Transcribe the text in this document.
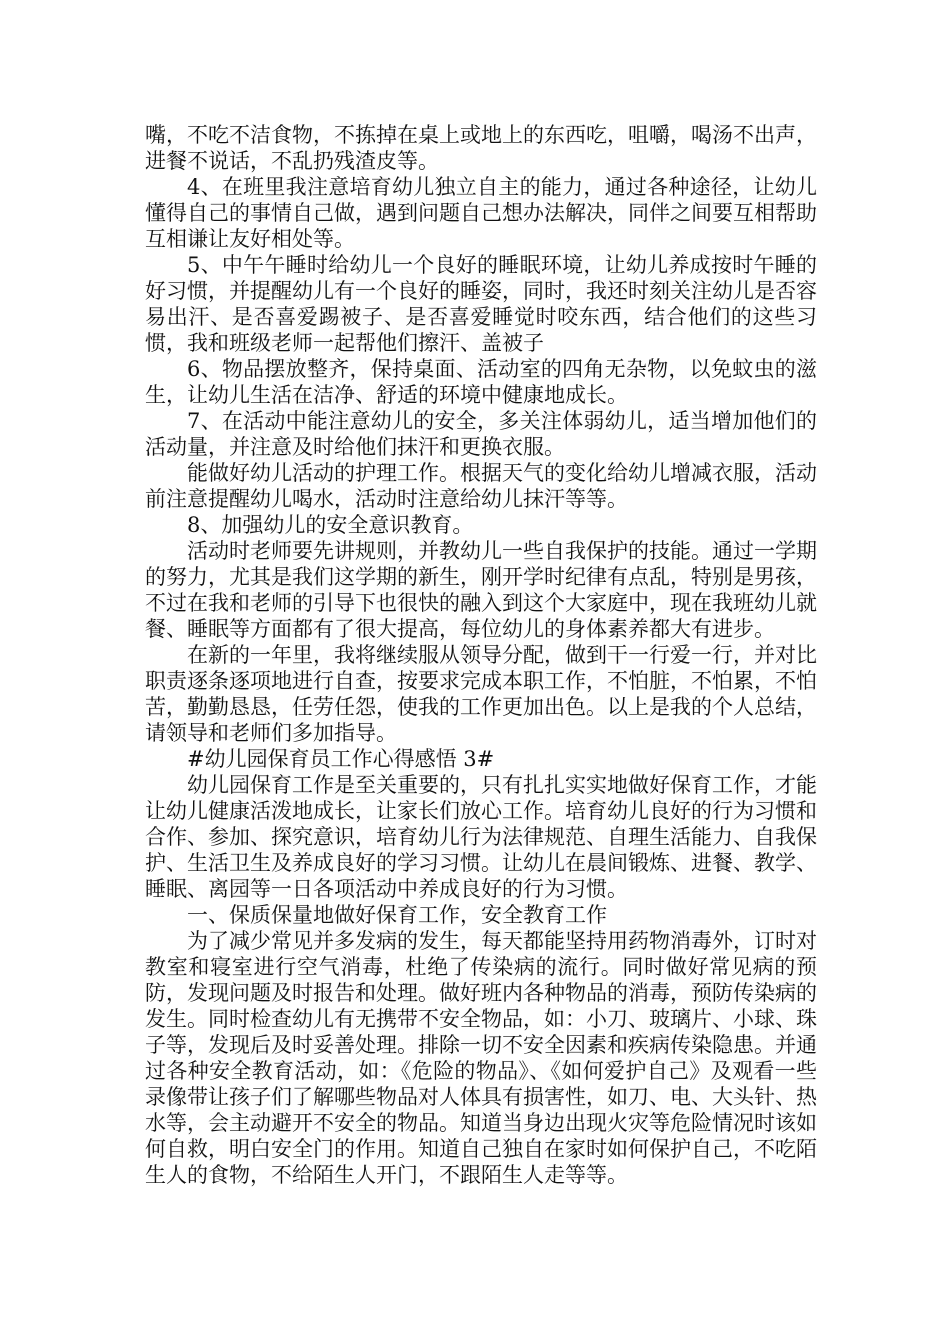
嘴，不吃不洁食物，不拣掉在桌上或地上的东西吃，咀嚼，喝汤不出声，进餐不说话，不乱扔残渣皮等。

4、在班里我注意培育幼儿独立自主的能力，通过各种途径，让幼儿懂得自己的事情自己做，遇到问题自己想办法解决，同伴之间要互相帮助互相谦让友好相处等。

5、中午午睡时给幼儿一个良好的睡眠环境，让幼儿养成按时午睡的好习惯，并提醒幼儿有一个良好的睡姿，同时，我还时刻关注幼儿是否容易出汗、是否喜爱踢被子、是否喜爱睡觉时咬东西，结合他们的这些习惯，我和班级老师一起帮他们擦汗、盖被子

6、物品摆放整齐，保持桌面、活动室的四角无杂物，以免蚊虫的滋生，让幼儿生活在洁净、舒适的环境中健康地成长。

7、在活动中能注意幼儿的安全，多关注体弱幼儿，适当增加他们的活动量，并注意及时给他们抹汗和更换衣服。

能做好幼儿活动的护理工作。根据天气的变化给幼儿增减衣服，活动前注意提醒幼儿喝水，活动时注意给幼儿抹汗等等。

8、加强幼儿的安全意识教育。

活动时老师要先讲规则，并教幼儿一些自我保护的技能。通过一学期的努力，尤其是我们这学期的新生，刚开学时纪律有点乱，特别是男孩，不过在我和老师的引导下也很快的融入到这个大家庭中，现在我班幼儿就餐、睡眠等方面都有了很大提高，每位幼儿的身体素养都大有进步。

在新的一年里，我将继续服从领导分配，做到干一行爱一行，并对比职责逐条逐项地进行自查，按要求完成本职工作，不怕脏，不怕累，不怕苦，勤勤恳恳，任劳任怨，使我的工作更加出色。以上是我的个人总结，请领导和老师们多加指导。

#幼儿园保育员工作心得感悟 3#

幼儿园保育工作是至关重要的，只有扎扎实实地做好保育工作，才能让幼儿健康活泼地成长，让家长们放心工作。培育幼儿良好的行为习惯和合作、参加、探究意识，培育幼儿行为法律规范、自理生活能力、自我保护、生活卫生及养成良好的学习习惯。让幼儿在晨间锻炼、进餐、教学、睡眠、离园等一日各项活动中养成良好的行为习惯。

一、保质保量地做好保育工作，安全教育工作

为了减少常见并多发病的发生，每天都能坚持用药物消毒外，订时对教室和寝室进行空气消毒，杜绝了传染病的流行。同时做好常见病的预防，发现问题及时报告和处理。做好班内各种物品的消毒，预防传染病的发生。同时检查幼儿有无携带不安全物品，如：小刀、玻璃片、小球、珠子等，发现后及时妥善处理。排除一切不安全因素和疾病传染隐患。并通过各种安全教育活动，如：《危险的物品》、《如何爱护自己》及观看一些录像带让孩子们了解哪些物品对人体具有损害性，如刀、电、大头针、热水等，会主动避开不安全的物品。知道当身边出现火灾等危险情况时该如何自救，明白安全门的作用。知道自己独自在家时如何保护自己，不吃陌生人的食物，不给陌生人开门，不跟陌生人走等等。
